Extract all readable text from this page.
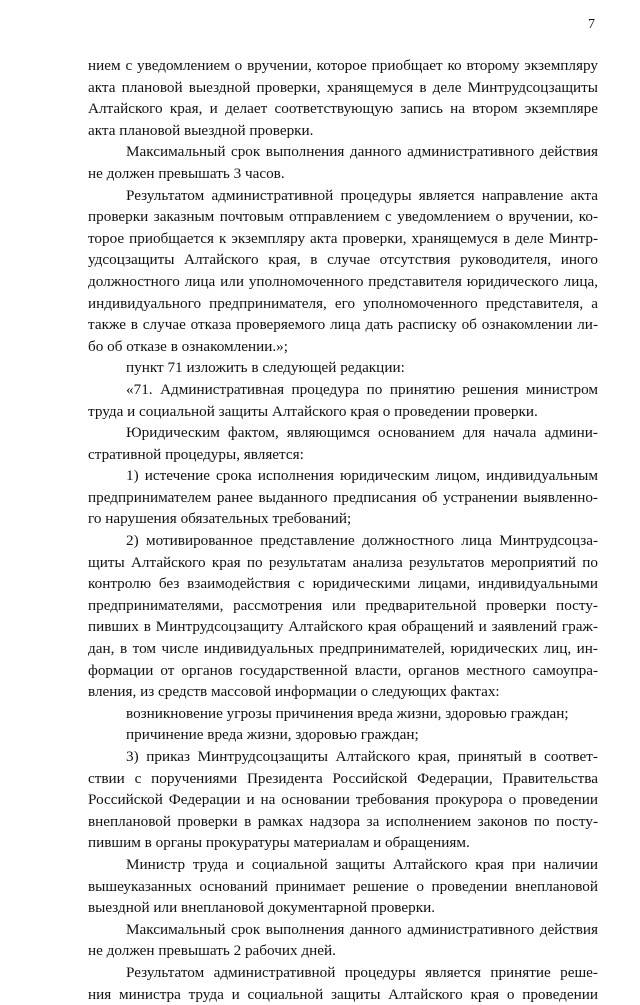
7
нием с уведомлением о вручении, которое приобщает ко второму экземпляру
акта плановой выездной проверки, хранящемуся в деле Минтрудсоцзащиты
Алтайского края, и делает соответствующую запись на втором экземпляре
акта плановой выездной проверки.
Максимальный срок выполнения данного административного действия
не должен превышать 3 часов.
Результатом административной процедуры является направление акта
проверки заказным почтовым отправлением с уведомлением о вручении, ко-
торое приобщается к экземпляру акта проверки, хранящемуся в деле Минтр-
удсоцзащиты Алтайского края, в случае отсутствия руководителя, иного
должностного лица или уполномоченного представителя юридического лица,
индивидуального предпринимателя, его уполномоченного представителя, а
также в случае отказа проверяемого лица дать расписку об ознакомлении ли-
бо об отказе в ознакомлении.»;
пункт 71 изложить в следующей редакции:
«71. Административная процедура по принятию решения министром
труда и социальной защиты Алтайского края о проведении проверки.
Юридическим фактом, являющимся основанием для начала админи-
стративной процедуры, является:
1) истечение срока исполнения юридическим лицом, индивидуальным
предпринимателем ранее выданного предписания об устранении выявленно-
го нарушения обязательных требований;
2) мотивированное представление должностного лица Минтрудсоцза-
щиты Алтайского края по результатам анализа результатов мероприятий по
контролю без взаимодействия с юридическими лицами, индивидуальными
предпринимателями, рассмотрения или предварительной проверки посту-
пивших в Минтрудсоцзащиту Алтайского края обращений и заявлений граж-
дан, в том числе индивидуальных предпринимателей, юридических лиц, ин-
формации от органов государственной власти, органов местного самоупра-
вления, из средств массовой информации о следующих фактах:
возникновение угрозы причинения вреда жизни, здоровью граждан;
причинение вреда жизни, здоровью граждан;
3) приказ Минтрудсоцзащиты Алтайского края, принятый в соответ-
ствии с поручениями Президента Российской Федерации, Правительства
Российской Федерации и на основании требования прокурора о проведении
внеплановой проверки в рамках надзора за исполнением законов по посту-
пившим в органы прокуратуры материалам и обращениям.
Министр труда и социальной защиты Алтайского края при наличии
вышеуказанных оснований принимает решение о проведении внеплановой
выездной или внеплановой документарной проверки.
Максимальный срок выполнения данного административного действия
не должен превышать 2 рабочих дней.
Результатом административной процедуры является принятие реше-
ния министра труда и социальной защиты Алтайского края о проведении
